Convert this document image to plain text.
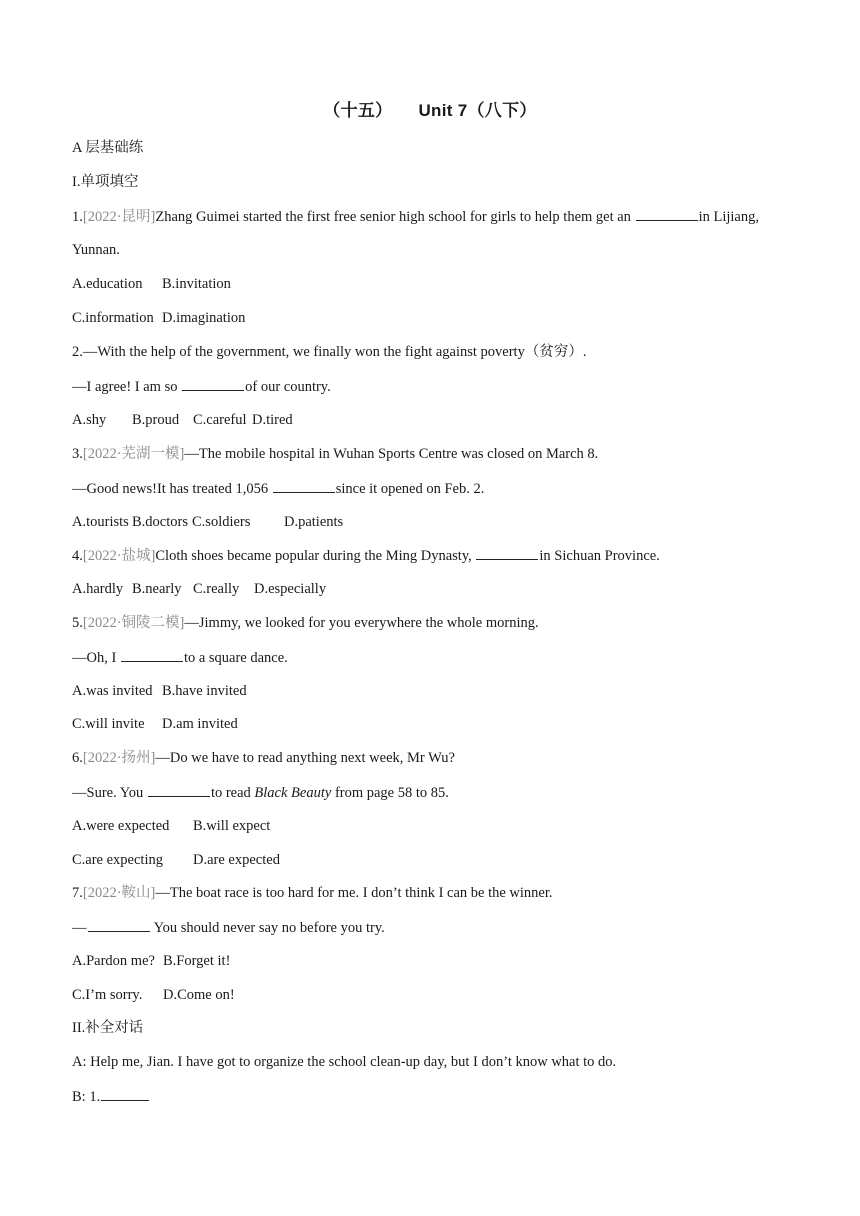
（十五） Unit 7（八下）
A 层基础练
I.单项填空
1.[2022·昆明]Zhang Guimei started the first free senior high school for girls to help them get an	in Lijiang,
Yunnan.
A.education B.invitation
C.information D.imagination
2.—With the help of the government, we finally won the fight against poverty（贫穷）.
—I agree! I am so	of our country.
A.shy B.proud C.careful D.tired
3.[2022·芜湖一模]—The mobile hospital in Wuhan Sports Centre was closed on March 8.
—Good news!It has treated 1,056	since it opened on Feb. 2.
A.tourists B.doctors C.soldiers D.patients
4.[2022·盐城]Cloth shoes became popular during the Ming Dynasty,	in Sichuan Province.
A.hardly B.nearly C.really D.especially
5.[2022·铜陵二模]—Jimmy, we looked for you everywhere the whole morning.
—Oh, I	to a square dance.
A.was invited B.have invited
C.will invite D.am invited
6.[2022·扬州]—Do we have to read anything next week, Mr Wu?
—Sure. You	to read Black Beauty from page 58 to 85.
A.were expected B.will expect
C.are expecting D.are expected
7.[2022·鞍山]—The boat race is too hard for me. I don’t think I can be the winner.
—	You should never say no before you try.
A.Pardon me? B.Forget it!
C.I’m sorry. D.Come on!
II.补全对话
A: Help me, Jian. I have got to organize the school clean-up day, but I don’t know what to do.
B: 1.
